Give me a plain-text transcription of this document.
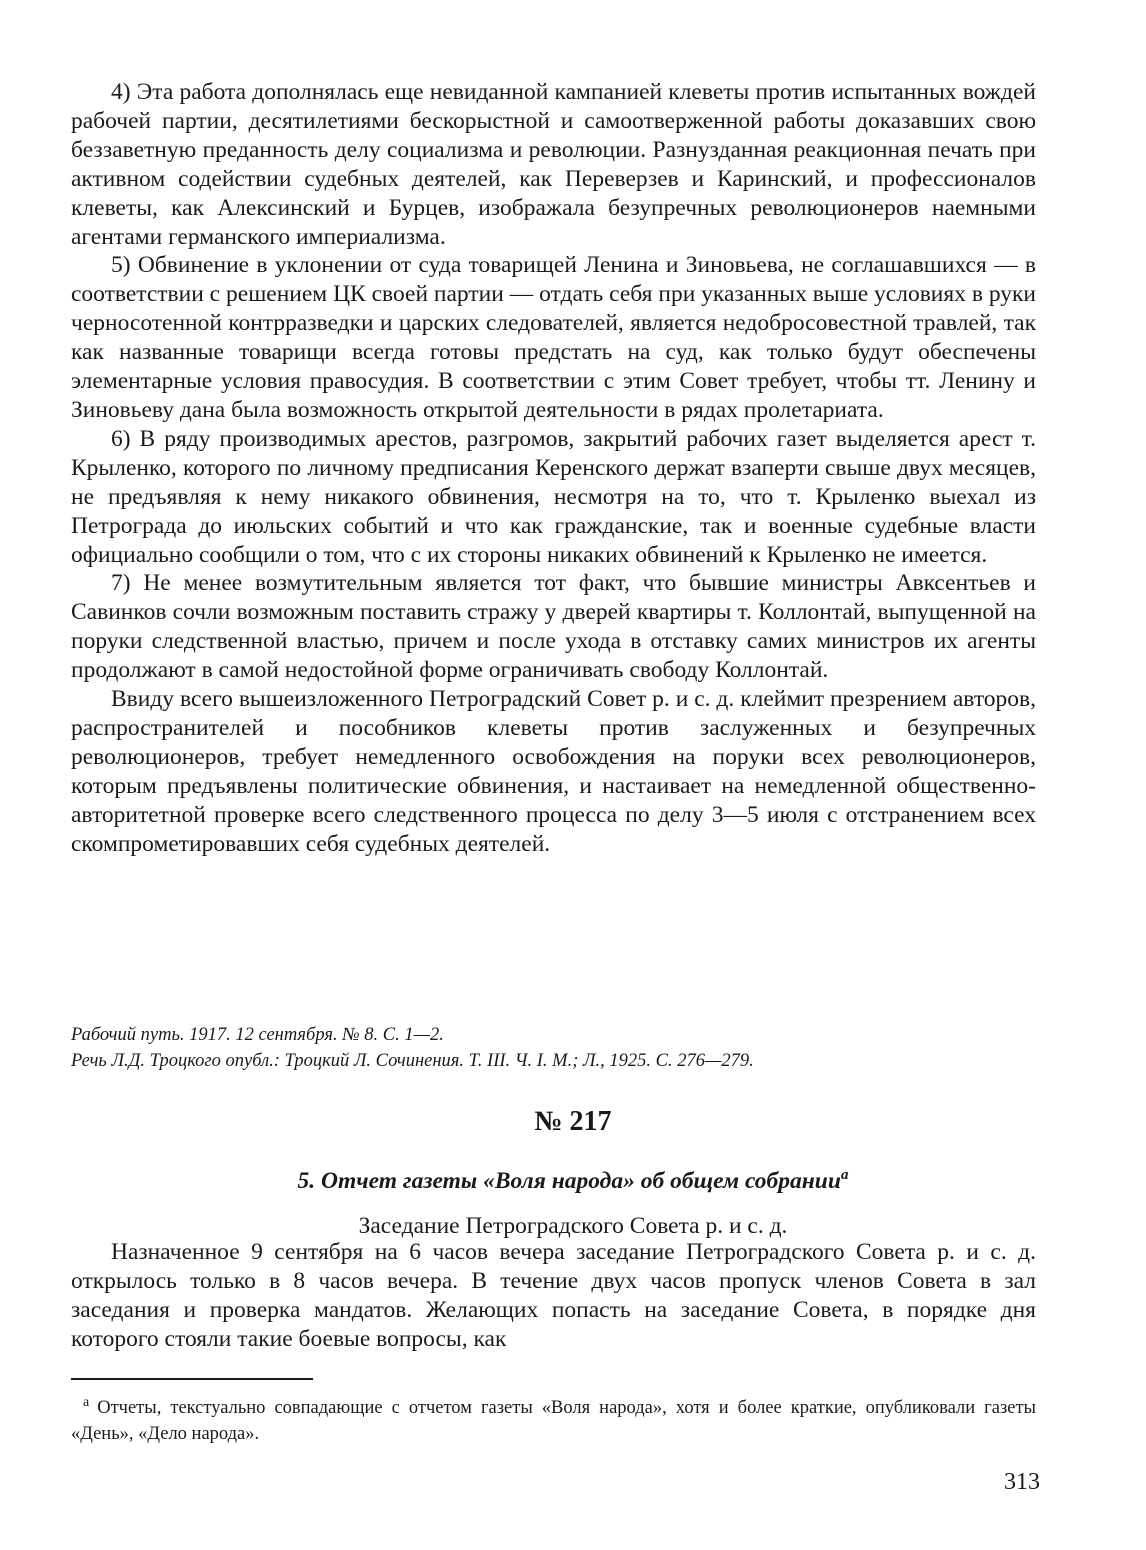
4) Эта работа дополнялась еще невиданной кампанией клеветы против испытанных вождей рабочей партии, десятилетиями бескорыстной и самоотверженной работы доказавших свою беззаветную преданность делу социализма и революции. Разнузданная реакционная печать при активном содействии судебных деятелей, как Переверзев и Каринский, и профессионалов клеветы, как Алексинский и Бурцев, изображала безупречных революционеров наемными агентами германского империализма.

5) Обвинение в уклонении от суда товарищей Ленина и Зиновьева, не соглашавшихся — в соответствии с решением ЦК своей партии — отдать себя при указанных выше условиях в руки черносотенной контрразведки и царских следователей, является недобросовестной травлей, так как названные товарищи всегда готовы предстать на суд, как только будут обеспечены элементарные условия правосудия. В соответствии с этим Совет требует, чтобы тт. Ленину и Зиновьеву дана была возможность открытой деятельности в рядах пролетариата.

6) В ряду производимых арестов, разгромов, закрытий рабочих газет выделяется арест т. Крыленко, которого по личному предписания Керенского держат взаперти свыше двух месяцев, не предъявляя к нему никакого обвинения, несмотря на то, что т. Крыленко выехал из Петрограда до июльских событий и что как гражданские, так и военные судебные власти официально сообщили о том, что с их стороны никаких обвинений к Крыленко не имеется.

7) Не менее возмутительным является тот факт, что бывшие министры Авксентьев и Савинков сочли возможным поставить стражу у дверей квартиры т. Коллонтай, выпущенной на поруки следственной властью, причем и после ухода в отставку самих министров их агенты продолжают в самой недостойной форме ограничивать свободу Коллонтай.

Ввиду всего вышеизложенного Петроградский Совет р. и с. д. клеймит презрением авторов, распространителей и пособников клеветы против заслуженных и безупречных революционеров, требует немедленного освобождения на поруки всех революционеров, которым предъявлены политические обвинения, и настаивает на немедленной общественно-авторитетной проверке всего следственного процесса по делу 3—5 июля с отстранением всех скомпрометировавших себя судебных деятелей.

Рабочий путь. 1917. 12 сентября. № 8. С. 1—2.
Речь Л.Д. Троцкого опубл.: Троцкий Л. Сочинения. Т. III. Ч. I. М.; Л., 1925. С. 276—279.
№ 217
5. Отчет газеты «Воля народа» об общем собрании$^а$
Заседание Петроградского Совета р. и с. д.

Назначенное 9 сентября на 6 часов вечера заседание Петроградского Совета р. и с. д. открылось только в 8 часов вечера. В течение двух часов пропуск членов Совета в зал заседания и проверка мандатов. Желающих попасть на заседание Совета, в порядке дня которого стояли такие боевые вопросы, как

$^а$ Отчеты, текстуально совпадающие с отчетом газеты «Воля народа», хотя и более краткие, опубликовали газеты «День», «Дело народа».

313
